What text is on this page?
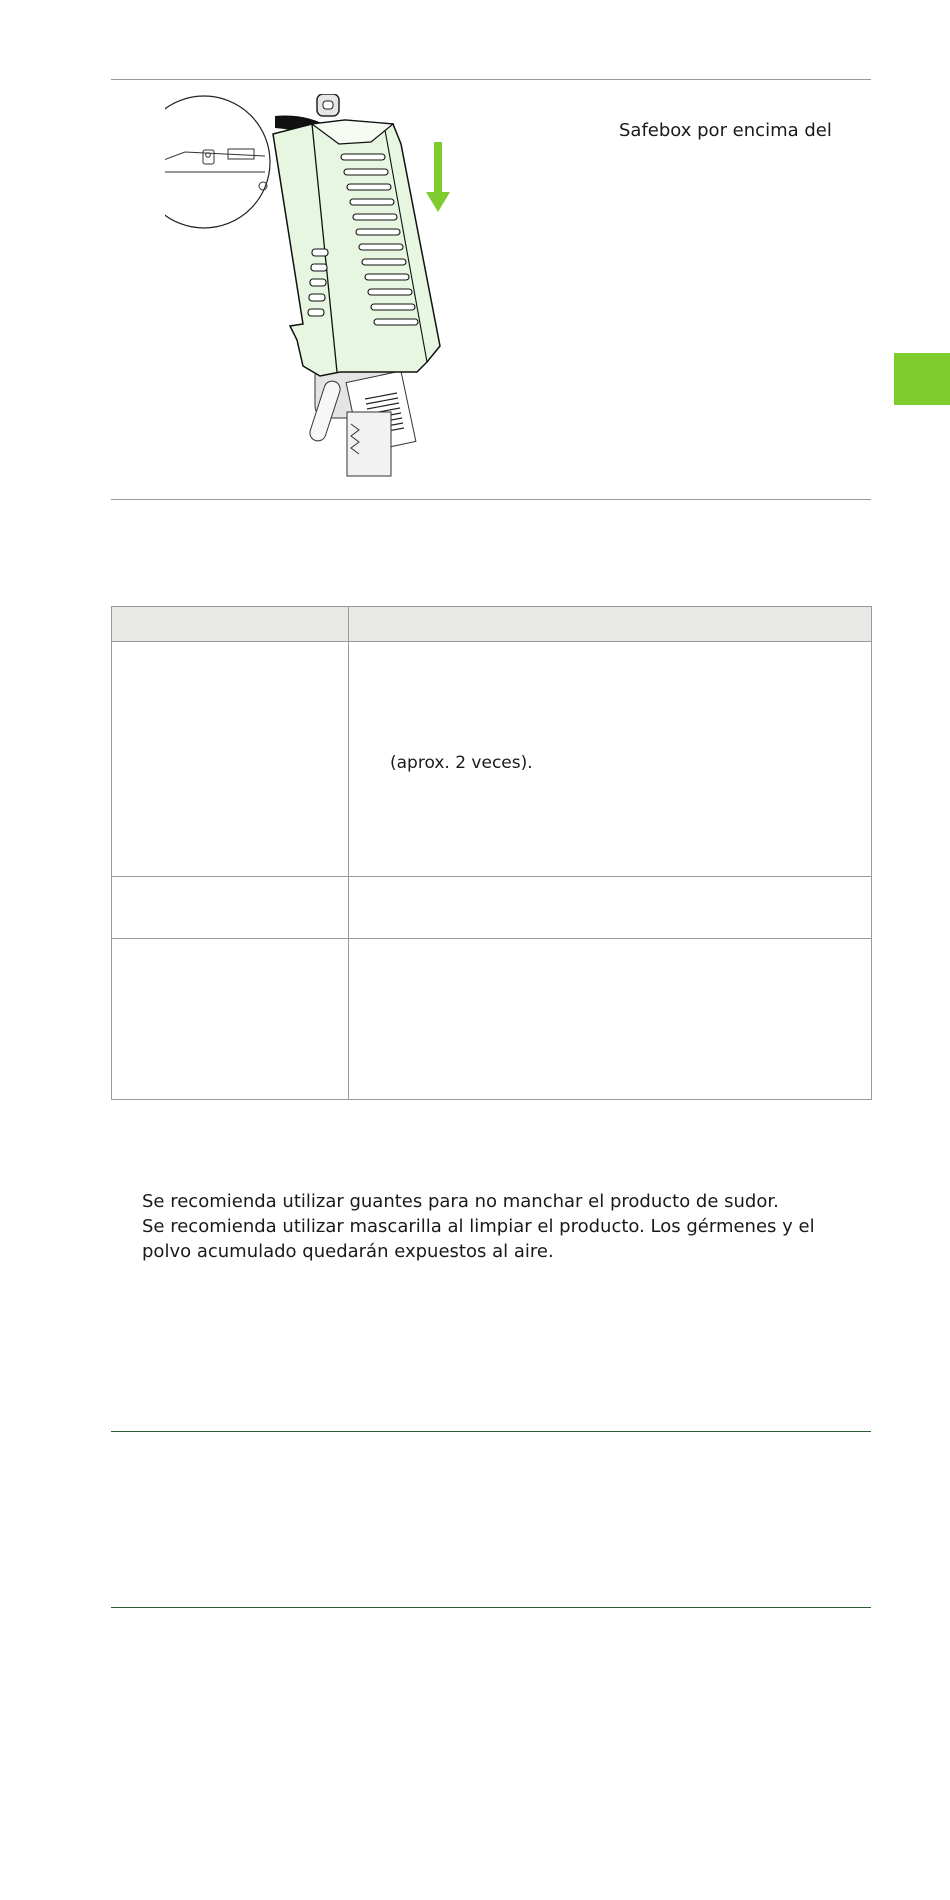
Safebox por encima del

	(aprox. 2 veces).

Se recomienda utilizar guantes para no manchar el producto de sudor.

Se recomienda utilizar mascarilla al limpiar el producto. Los gérmenes y el polvo acumulado quedarán expuestos al aire.
